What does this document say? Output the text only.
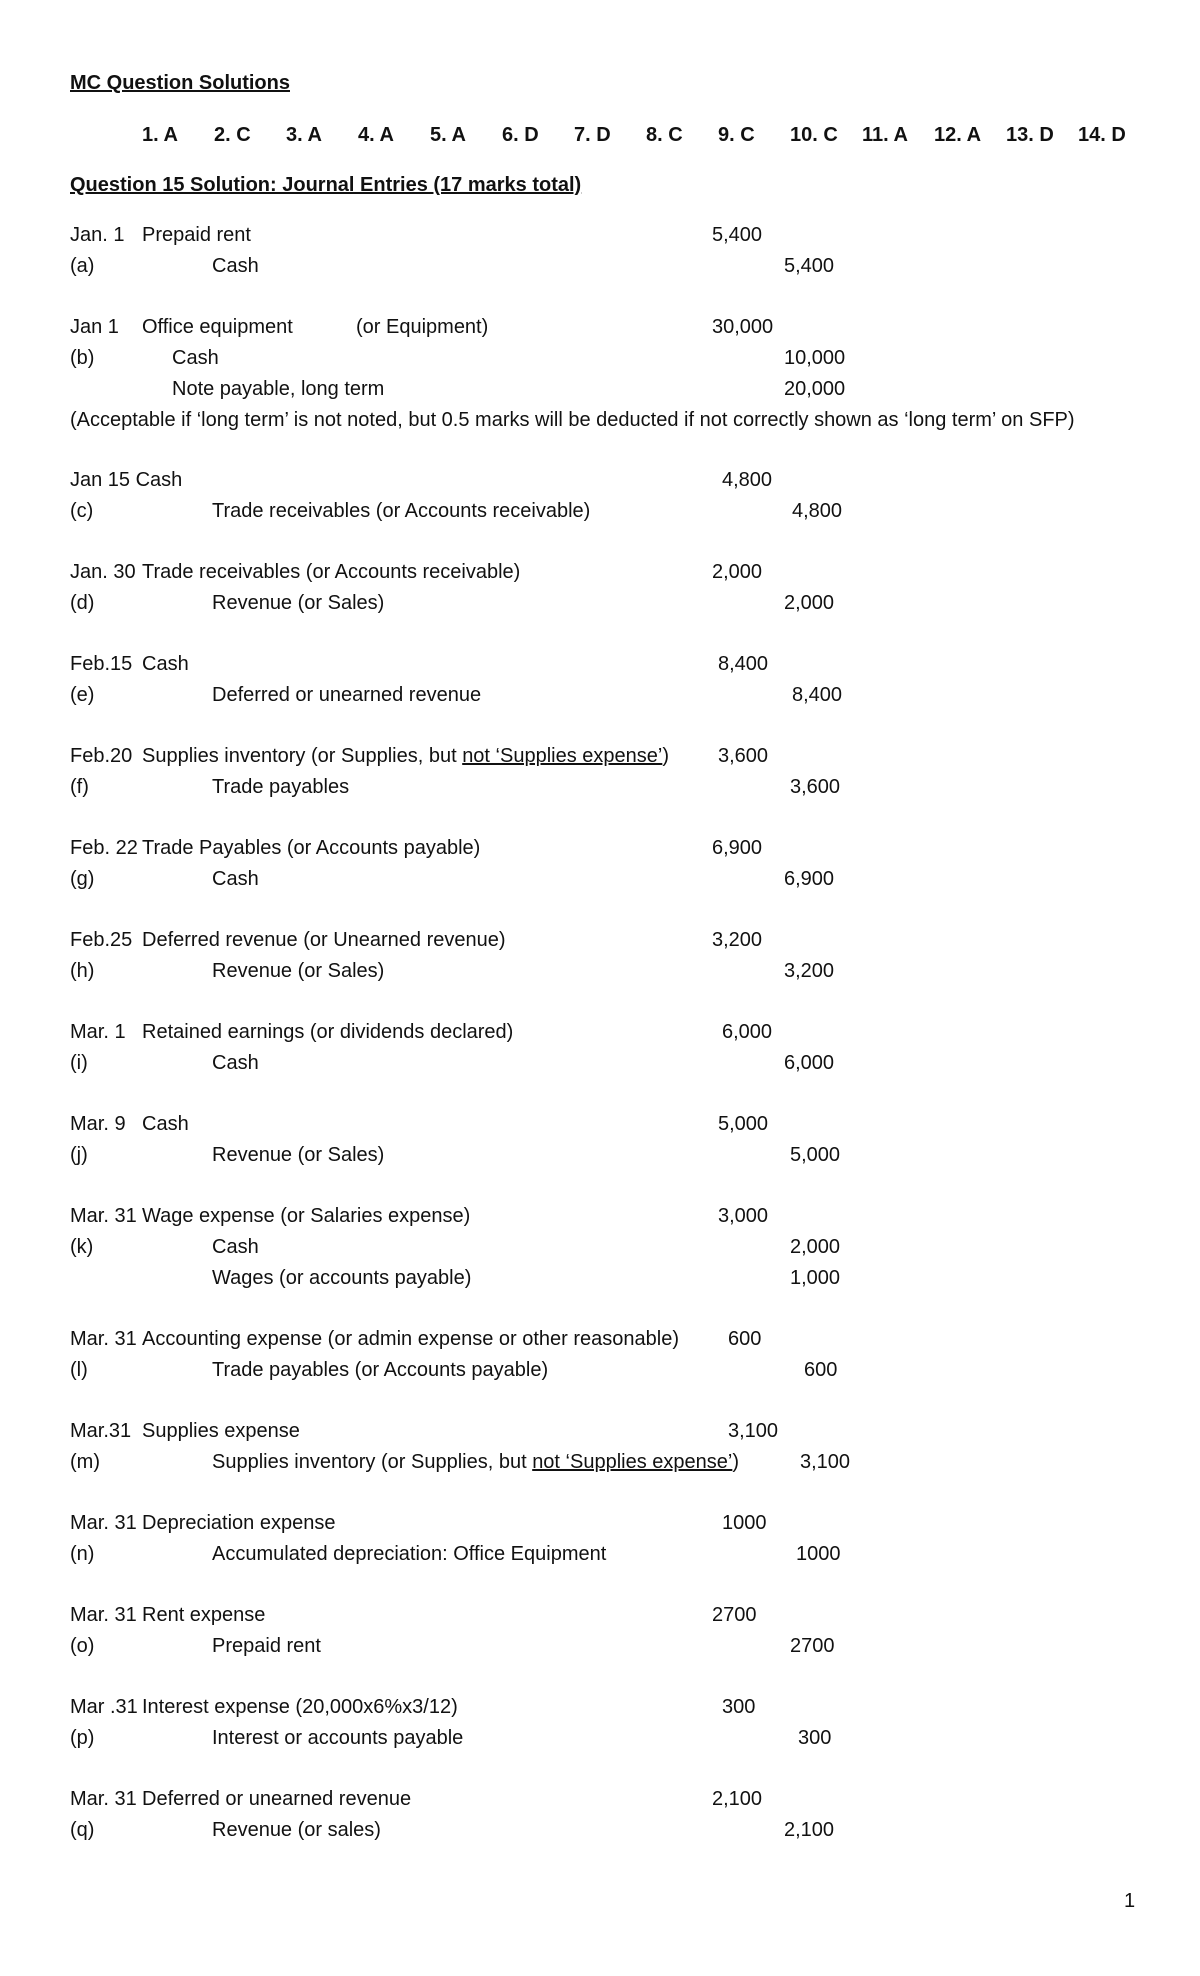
MC Question Solutions
1. A 2. C 3. A 4. A 5. A 6. D 7. D 8. C 9. C 10. C 11. A 12. A 13. D 14. D
Question 15 Solution: Journal Entries (17 marks total)
Jan. 1 Prepaid rent	5,400
(a)	Cash	5,400
Jan 1 Office equipment	(or Equipment)	30,000
(b)	Cash	10,000
Note payable, long term	20,000
(Acceptable if ‘long term’ is not noted, but 0.5 marks will be deducted if not correctly shown as ‘long term’ on SFP)
Jan 15 Cash	4,800
(c)	Trade receivables (or Accounts receivable)	4,800
Jan. 30 Trade receivables (or Accounts receivable)	2,000
(d)	Revenue (or Sales)	2,000
Feb.15 Cash	8,400
(e)	Deferred or unearned revenue	8,400
Feb.20 Supplies inventory (or Supplies, but not ‘Supplies expense’) 3,600
(f)	Trade payables	3,600
Feb. 22 Trade Payables (or Accounts payable)	6,900
(g)	Cash	6,900
Feb.25 Deferred revenue (or Unearned revenue)	3,200
(h)	Revenue (or Sales)	3,200
Mar. 1 Retained earnings (or dividends declared)	6,000
(i)	Cash	6,000
Mar. 9 Cash	5,000
(j)	Revenue (or Sales)	5,000
Mar. 31 Wage expense (or Salaries expense)	3,000
(k)	Cash	2,000
Wages (or accounts payable)	1,000
Mar. 31 Accounting expense (or admin expense or other reasonable) 600
(l)	Trade payables (or Accounts payable)	600
Mar.31 Supplies expense	3,100
(m)	Supplies inventory (or Supplies, but not ‘Supplies expense’)	3,100
Mar. 31 Depreciation expense	1000
(n)	Accumulated depreciation: Office Equipment	1000
Mar. 31 Rent expense	2700
(o)	Prepaid rent	2700
Mar .31 Interest expense (20,000x6%x3/12)	300
(p)	Interest or accounts payable	300
Mar. 31 Deferred or unearned revenue	2,100
(q)	Revenue (or sales)	2,100
1
